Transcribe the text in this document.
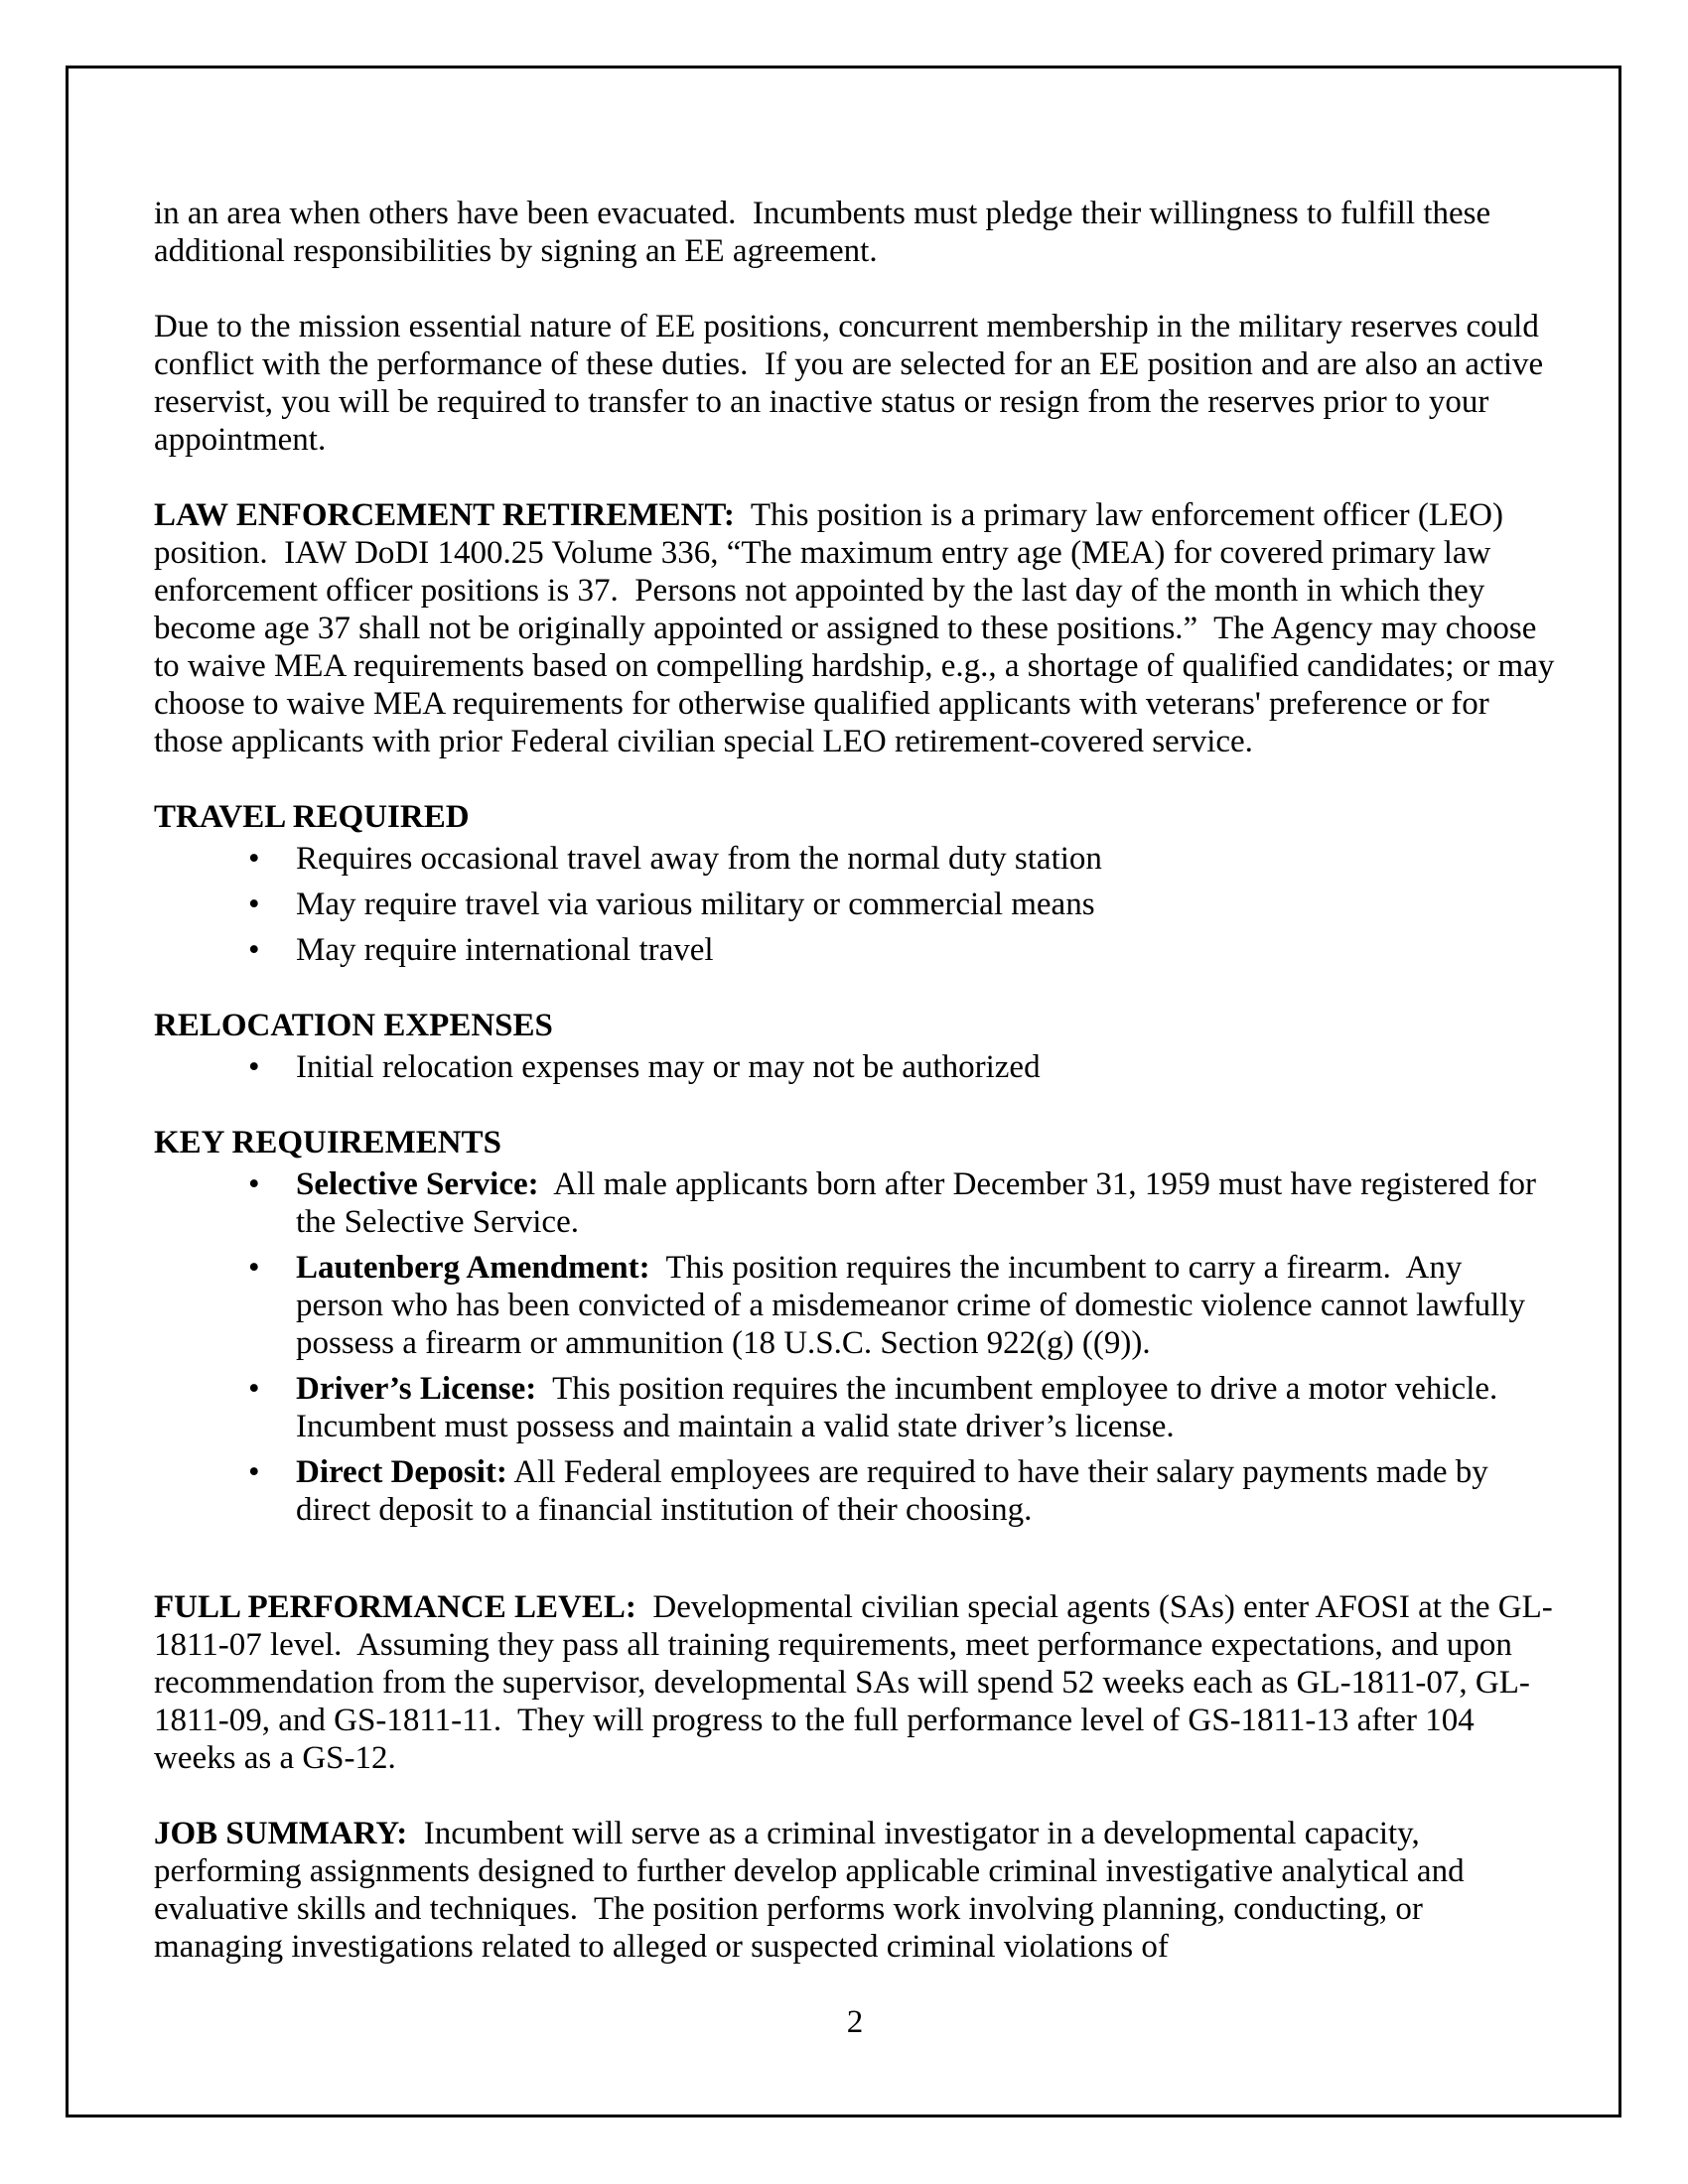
in an area when others have been evacuated.  Incumbents must pledge their willingness to fulfill these additional responsibilities by signing an EE agreement.

Due to the mission essential nature of EE positions, concurrent membership in the military reserves could conflict with the performance of these duties.  If you are selected for an EE position and are also an active reservist, you will be required to transfer to an inactive status or resign from the reserves prior to your appointment.

LAW ENFORCEMENT RETIREMENT:  This position is a primary law enforcement officer (LEO) position.  IAW DoDI 1400.25 Volume 336, “The maximum entry age (MEA) for covered primary law enforcement officer positions is 37.  Persons not appointed by the last day of the month in which they become age 37 shall not be originally appointed or assigned to these positions.”  The Agency may choose to waive MEA requirements based on compelling hardship, e.g., a shortage of qualified candidates; or may choose to waive MEA requirements for otherwise qualified applicants with veterans' preference or for those applicants with prior Federal civilian special LEO retirement-covered service.

TRAVEL REQUIRED
• Requires occasional travel away from the normal duty station
• May require travel via various military or commercial means
• May require international travel
RELOCATION EXPENSES
• Initial relocation expenses may or may not be authorized
KEY REQUIREMENTS
• Selective Service:  All male applicants born after December 31, 1959 must have registered for the Selective Service.
• Lautenberg Amendment:  This position requires the incumbent to carry a firearm.  Any person who has been convicted of a misdemeanor crime of domestic violence cannot lawfully possess a firearm or ammunition (18 U.S.C. Section 922(g) ((9)).
• Driver’s License:  This position requires the incumbent employee to drive a motor vehicle.  Incumbent must possess and maintain a valid state driver’s license.
• Direct Deposit: All Federal employees are required to have their salary payments made by direct deposit to a financial institution of their choosing.

FULL PERFORMANCE LEVEL:  Developmental civilian special agents (SAs) enter AFOSI at the GL-1811-07 level.  Assuming they pass all training requirements, meet performance expectations, and upon recommendation from the supervisor, developmental SAs will spend 52 weeks each as GL-1811-07, GL-1811-09, and GS-1811-11.  They will progress to the full performance level of GS-1811-13 after 104 weeks as a GS-12.

JOB SUMMARY:  Incumbent will serve as a criminal investigator in a developmental capacity, performing assignments designed to further develop applicable criminal investigative analytical and evaluative skills and techniques.  The position performs work involving planning, conducting, or managing investigations related to alleged or suspected criminal violations of

2
